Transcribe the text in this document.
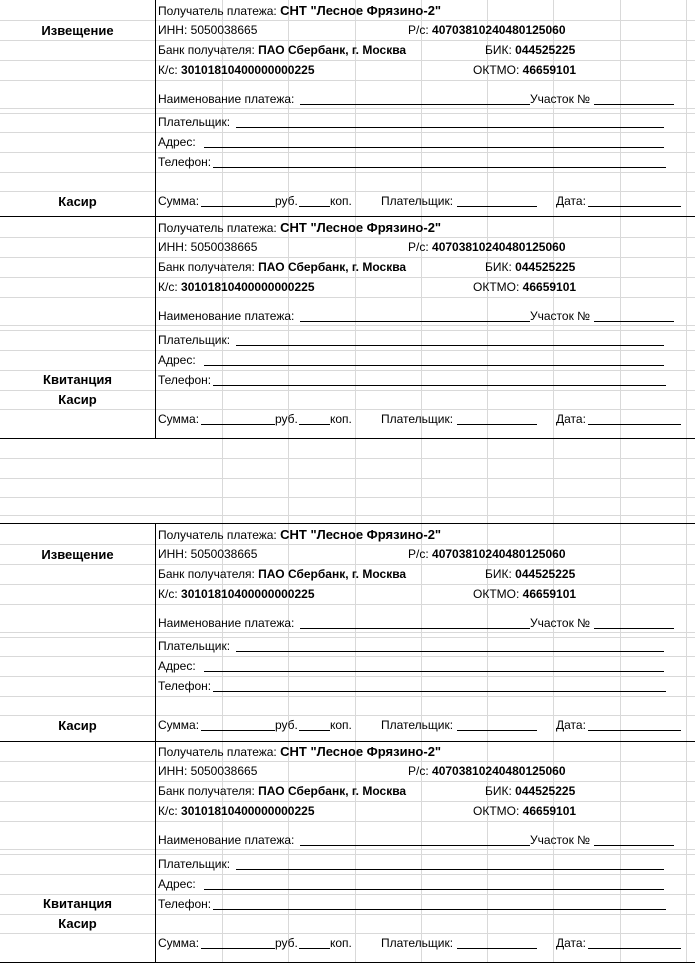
Извещение
Касир
Получатель платежа: СНТ "Лесное Фрязино-2"
ИНН: 5050038665	Р/с: 40703810240480125060
Банк получателя: ПАО Сбербанк, г. Москва	БИК: 044525225
К/с: 30101810400000000225	ОКТМО: 46659101
Наименование платежа:	Участок №
Плательщик:
Адрес:
Телефон:
Сумма:	руб.	коп. Плательщик:	Дата:
Квитанция
Касир
Получатель платежа: СНТ "Лесное Фрязино-2"
ИНН: 5050038665	Р/с: 40703810240480125060
Банк получателя: ПАО Сбербанк, г. Москва	БИК: 044525225
К/с: 30101810400000000225	ОКТМО: 46659101
Наименование платежа:	Участок №
Плательщик:
Адрес:
Телефон:
Сумма:	руб.	коп. Плательщик:	Дата:
Извещение
Касир
Получатель платежа: СНТ "Лесное Фрязино-2"
ИНН: 5050038665	Р/с: 40703810240480125060
Банк получателя: ПАО Сбербанк, г. Москва	БИК: 044525225
К/с: 30101810400000000225	ОКТМО: 46659101
Наименование платежа:	Участок №
Плательщик:
Адрес:
Телефон:
Сумма:	руб.	коп. Плательщик:	Дата:
Квитанция
Касир
Получатель платежа: СНТ "Лесное Фрязино-2"
ИНН: 5050038665	Р/с: 40703810240480125060
Банк получателя: ПАО Сбербанк, г. Москва	БИК: 044525225
К/с: 30101810400000000225	ОКТМО: 46659101
Наименование платежа:	Участок №
Плательщик:
Адрес:
Телефон:
Сумма:	руб.	коп. Плательщик:	Дата:
